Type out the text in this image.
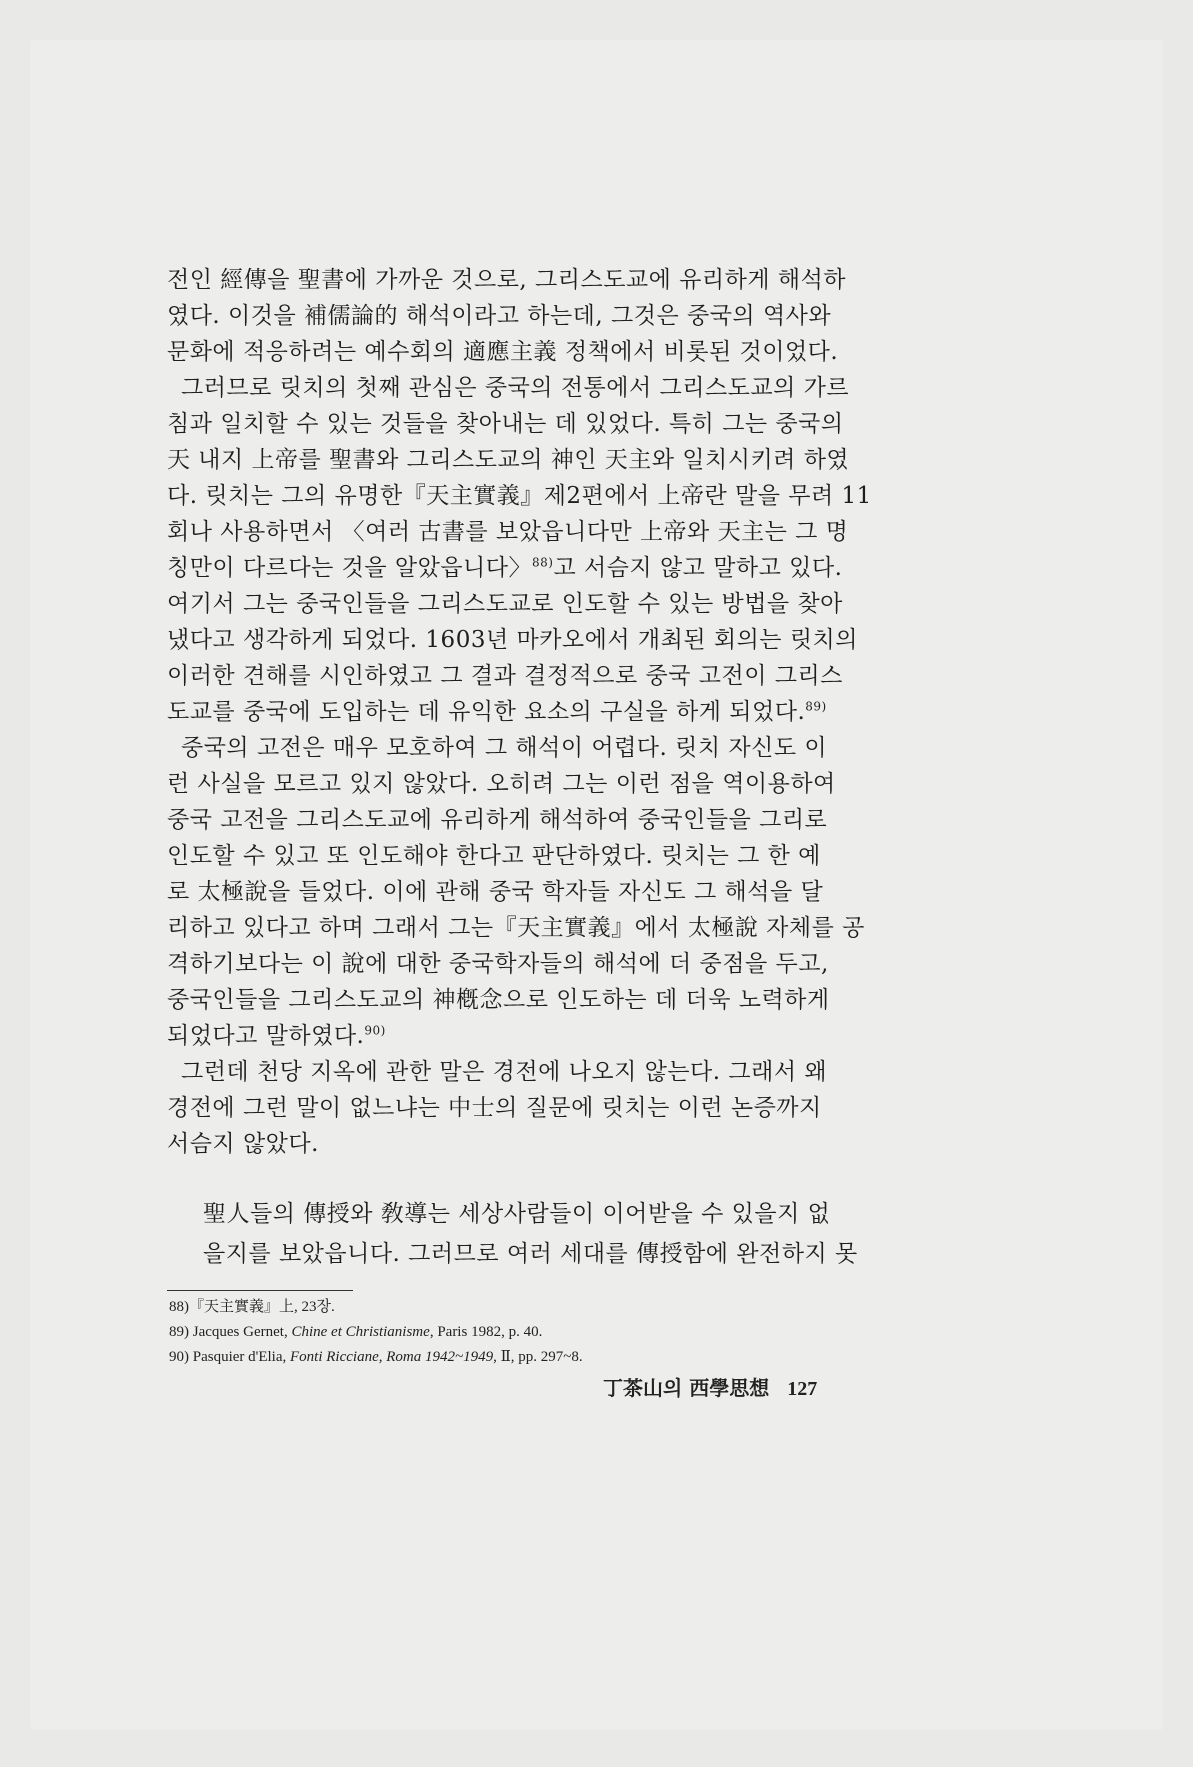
전인 經傳을 聖書에 가까운 것으로, 그리스도교에 유리하게 해석하
였다. 이것을 補儒論的 해석이라고 하는데, 그것은 중국의 역사와
문화에 적응하려는 예수회의 適應主義 정책에서 비롯된 것이었다.

그러므로 릿치의 첫째 관심은 중국의 전통에서 그리스도교의 가르
침과 일치할 수 있는 것들을 찾아내는 데 있었다. 특히 그는 중국의
天 내지 上帝를 聖書와 그리스도교의 神인 天主와 일치시키려 하였
다. 릿치는 그의 유명한『天主實義』제2편에서 上帝란 말을 무려 11
회나 사용하면서 〈여러 古書를 보았읍니다만 上帝와 天主는 그 명
칭만이 다르다는 것을 알았읍니다〉$^{88)}$고 서슴지 않고 말하고 있다.
여기서 그는 중국인들을 그리스도교로 인도할 수 있는 방법을 찾아
냈다고 생각하게 되었다. 1603년 마카오에서 개최된 회의는 릿치의
이러한 견해를 시인하였고 그 결과 결정적으로 중국 고전이 그리스
도교를 중국에 도입하는 데 유익한 요소의 구실을 하게 되었다.$^{89)}$

중국의 고전은 매우 모호하여 그 해석이 어렵다. 릿치 자신도 이
런 사실을 모르고 있지 않았다. 오히려 그는 이런 점을 역이용하여
중국 고전을 그리스도교에 유리하게 해석하여 중국인들을 그리로
인도할 수 있고 또 인도해야 한다고 판단하였다. 릿치는 그 한 예
로 太極說을 들었다. 이에 관해 중국 학자들 자신도 그 해석을 달
리하고 있다고 하며 그래서 그는『天主實義』에서 太極說 자체를 공
격하기보다는 이 說에 대한 중국학자들의 해석에 더 중점을 두고,
중국인들을 그리스도교의 神槪念으로 인도하는 데 더욱 노력하게
되었다고 말하였다.$^{90)}$

그런데 천당 지옥에 관한 말은 경전에 나오지 않는다. 그래서 왜
경전에 그런 말이 없느냐는 中士의 질문에 릿치는 이런 논증까지
서슴지 않았다.

聖人들의 傳授와 敎導는 세상사람들이 이어받을 수 있을지 없
을지를 보았읍니다. 그러므로 여러 세대를 傳授함에 완전하지 못
88)『天主實義』上, 23장.
89) Jacques Gernet, Chine et Christianisme, Paris 1982, p. 40.
90) Pasquier d'Elia, Fonti Ricciane, Roma 1942~1949, Ⅱ, pp. 297~8.
丁茶山의 西學思想 127
